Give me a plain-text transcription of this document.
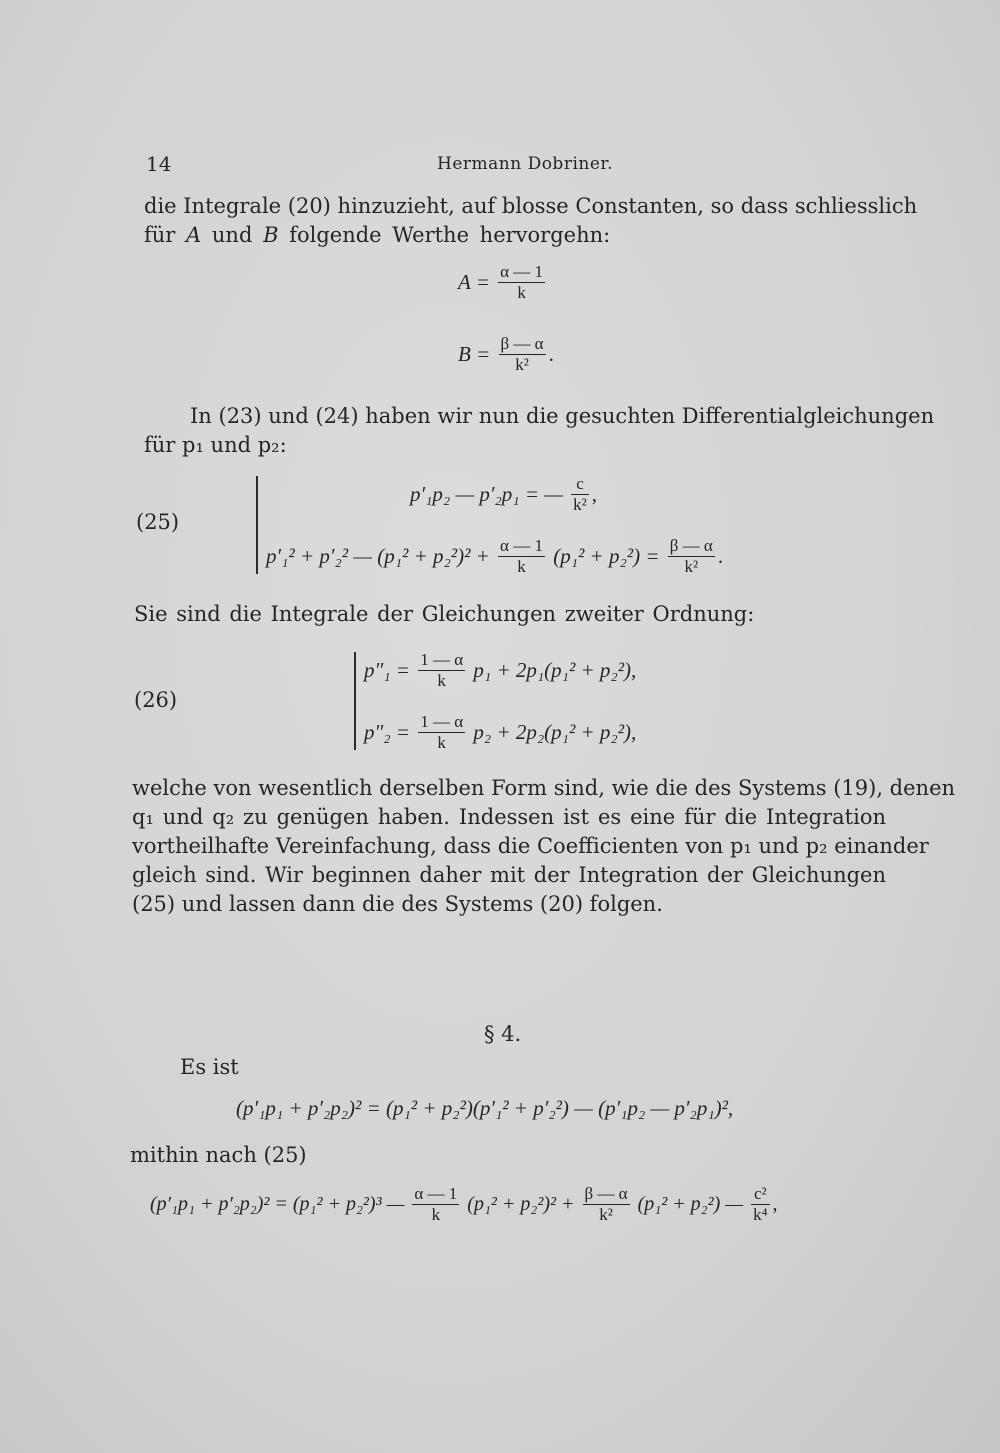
14	Hermann Dobriner.
die Integrale (20) hinzuzieht, auf blosse Constanten, so dass schliesslich
für A und B folgende Werthe hervorgehn:
$A = \frac{\alpha — 1}{k}$
$B = \frac{\beta — \alpha}{\text{k²}}$ .
In (23) und (24) haben wir nun die gesuchten Differentialgleichungen
für p₁ und p₂:
(25)
p′₁p₂ — p′₂p₁ = — $\frac{c}{\text{k²}}$ ,
p′₁² + p′₂² — $(p_1^2 + p_2^2)^2 + \frac{\alpha — 1}{k} (p_1^2 + p_2^2) = \frac{\beta — \alpha}{\text{k²}}$ .
Sie sind die Integrale der Gleichungen zweiter Ordnung:
(26)
$p''_1 = \frac{1 — \alpha}{k} p_1 + 2p_1(p_1^2 + p_2^2)$,
$p''_2 = \frac{1 — \alpha}{k} p_2 + 2p_2(p_1^2 + p_2^2)$,
welche von wesentlich derselben Form sind, wie die des Systems (19), denen
q₁ und q₂ zu genügen haben. Indessen ist es eine für die Integration
vortheilhafte Vereinfachung, dass die Coefficienten von p₁ und p₂ einander
gleich sind. Wir beginnen daher mit der Integration der Gleichungen
(25) und lassen dann die des Systems (20) folgen.
§ 4.
Es ist
(p′₁p₁ + p′₂p₂)² = (p₁² + p₂²)(p′₁² + p′₂²) — (p′₁p₂ — p′₂p₁)²,
mithin nach (25)
(p′₁p₁ + p′₂p₂)² = (p₁² + p₂²)³ — $\frac{\alpha — 1}{k} (p_1^2 + p_2^2)^2 + \frac{\beta — \alpha}{\text{k²}} (p_1^2 + p_2^2)$ — $\frac{\text{c²}}{\text{k⁴}}$ ,
